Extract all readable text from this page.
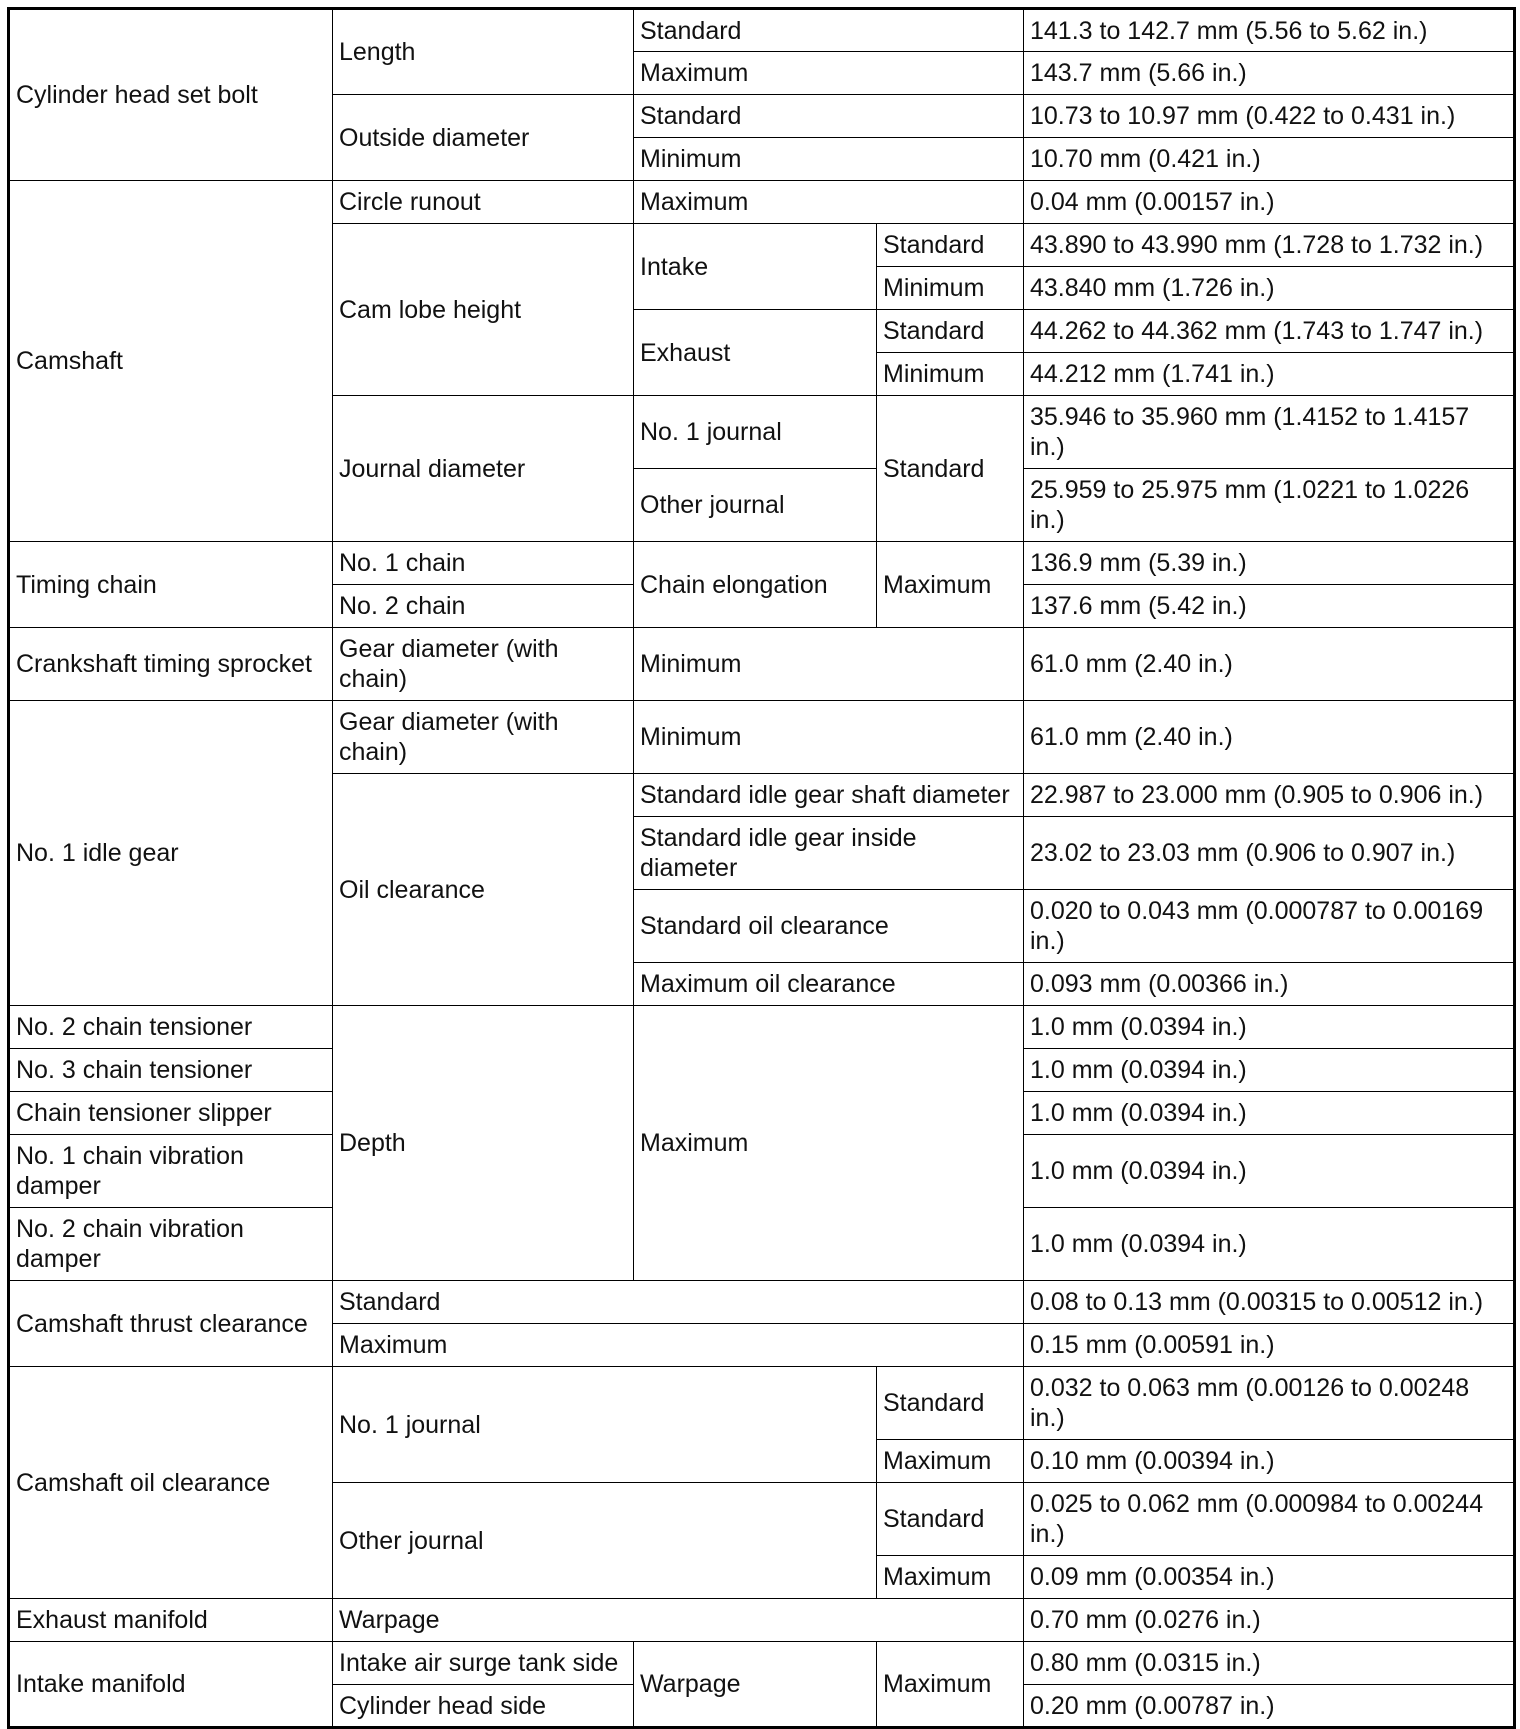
Cylinder head set bolt	Length	Standard		141.3 to 142.7 mm (5.56 to 5.62 in.)
		Maximum		143.7 mm (5.66 in.)
	Outside diameter	Standard		10.73 to 10.97 mm (0.422 to 0.431 in.)
		Minimum		10.70 mm (0.421 in.)
Camshaft	Circle runout	Maximum		0.04 mm (0.00157 in.)
	Cam lobe height	Intake	Standard	43.890 to 43.990 mm (1.728 to 1.732 in.)
			Minimum	43.840 mm (1.726 in.)
		Exhaust	Standard	44.262 to 44.362 mm (1.743 to 1.747 in.)
			Minimum	44.212 mm (1.741 in.)
	Journal diameter	No. 1 journal	Standard	35.946 to 35.960 mm (1.4152 to 1.4157 in.)
		Other journal		25.959 to 25.975 mm (1.0221 to 1.0226 in.)
Timing chain	No. 1 chain	Chain elongation	Maximum	136.9 mm (5.39 in.)
	No. 2 chain			137.6 mm (5.42 in.)
Crankshaft timing sprocket	Gear diameter (with chain)	Minimum		61.0 mm (2.40 in.)
No. 1 idle gear	Gear diameter (with chain)	Minimum		61.0 mm (2.40 in.)
	Oil clearance	Standard idle gear shaft diameter		22.987 to 23.000 mm (0.905 to 0.906 in.)
		Standard idle gear inside diameter		23.02 to 23.03 mm (0.906 to 0.907 in.)
		Standard oil clearance		0.020 to 0.043 mm (0.000787 to 0.00169 in.)
		Maximum oil clearance		0.093 mm (0.00366 in.)
No. 2 chain tensioner	Depth	Maximum		1.0 mm (0.0394 in.)
No. 3 chain tensioner				1.0 mm (0.0394 in.)
Chain tensioner slipper				1.0 mm (0.0394 in.)
No. 1 chain vibration damper				1.0 mm (0.0394 in.)
No. 2 chain vibration damper				1.0 mm (0.0394 in.)
Camshaft thrust clearance	Standard			0.08 to 0.13 mm (0.00315 to 0.00512 in.)
	Maximum			0.15 mm (0.00591 in.)
Camshaft oil clearance	No. 1 journal		Standard	0.032 to 0.063 mm (0.00126 to 0.00248 in.)
			Maximum	0.10 mm (0.00394 in.)
	Other journal		Standard	0.025 to 0.062 mm (0.000984 to 0.00244 in.)
			Maximum	0.09 mm (0.00354 in.)
Exhaust manifold	Warpage			0.70 mm (0.0276 in.)
Intake manifold	Intake air surge tank side	Warpage	Maximum	0.80 mm (0.0315 in.)
	Cylinder head side			0.20 mm (0.00787 in.)
